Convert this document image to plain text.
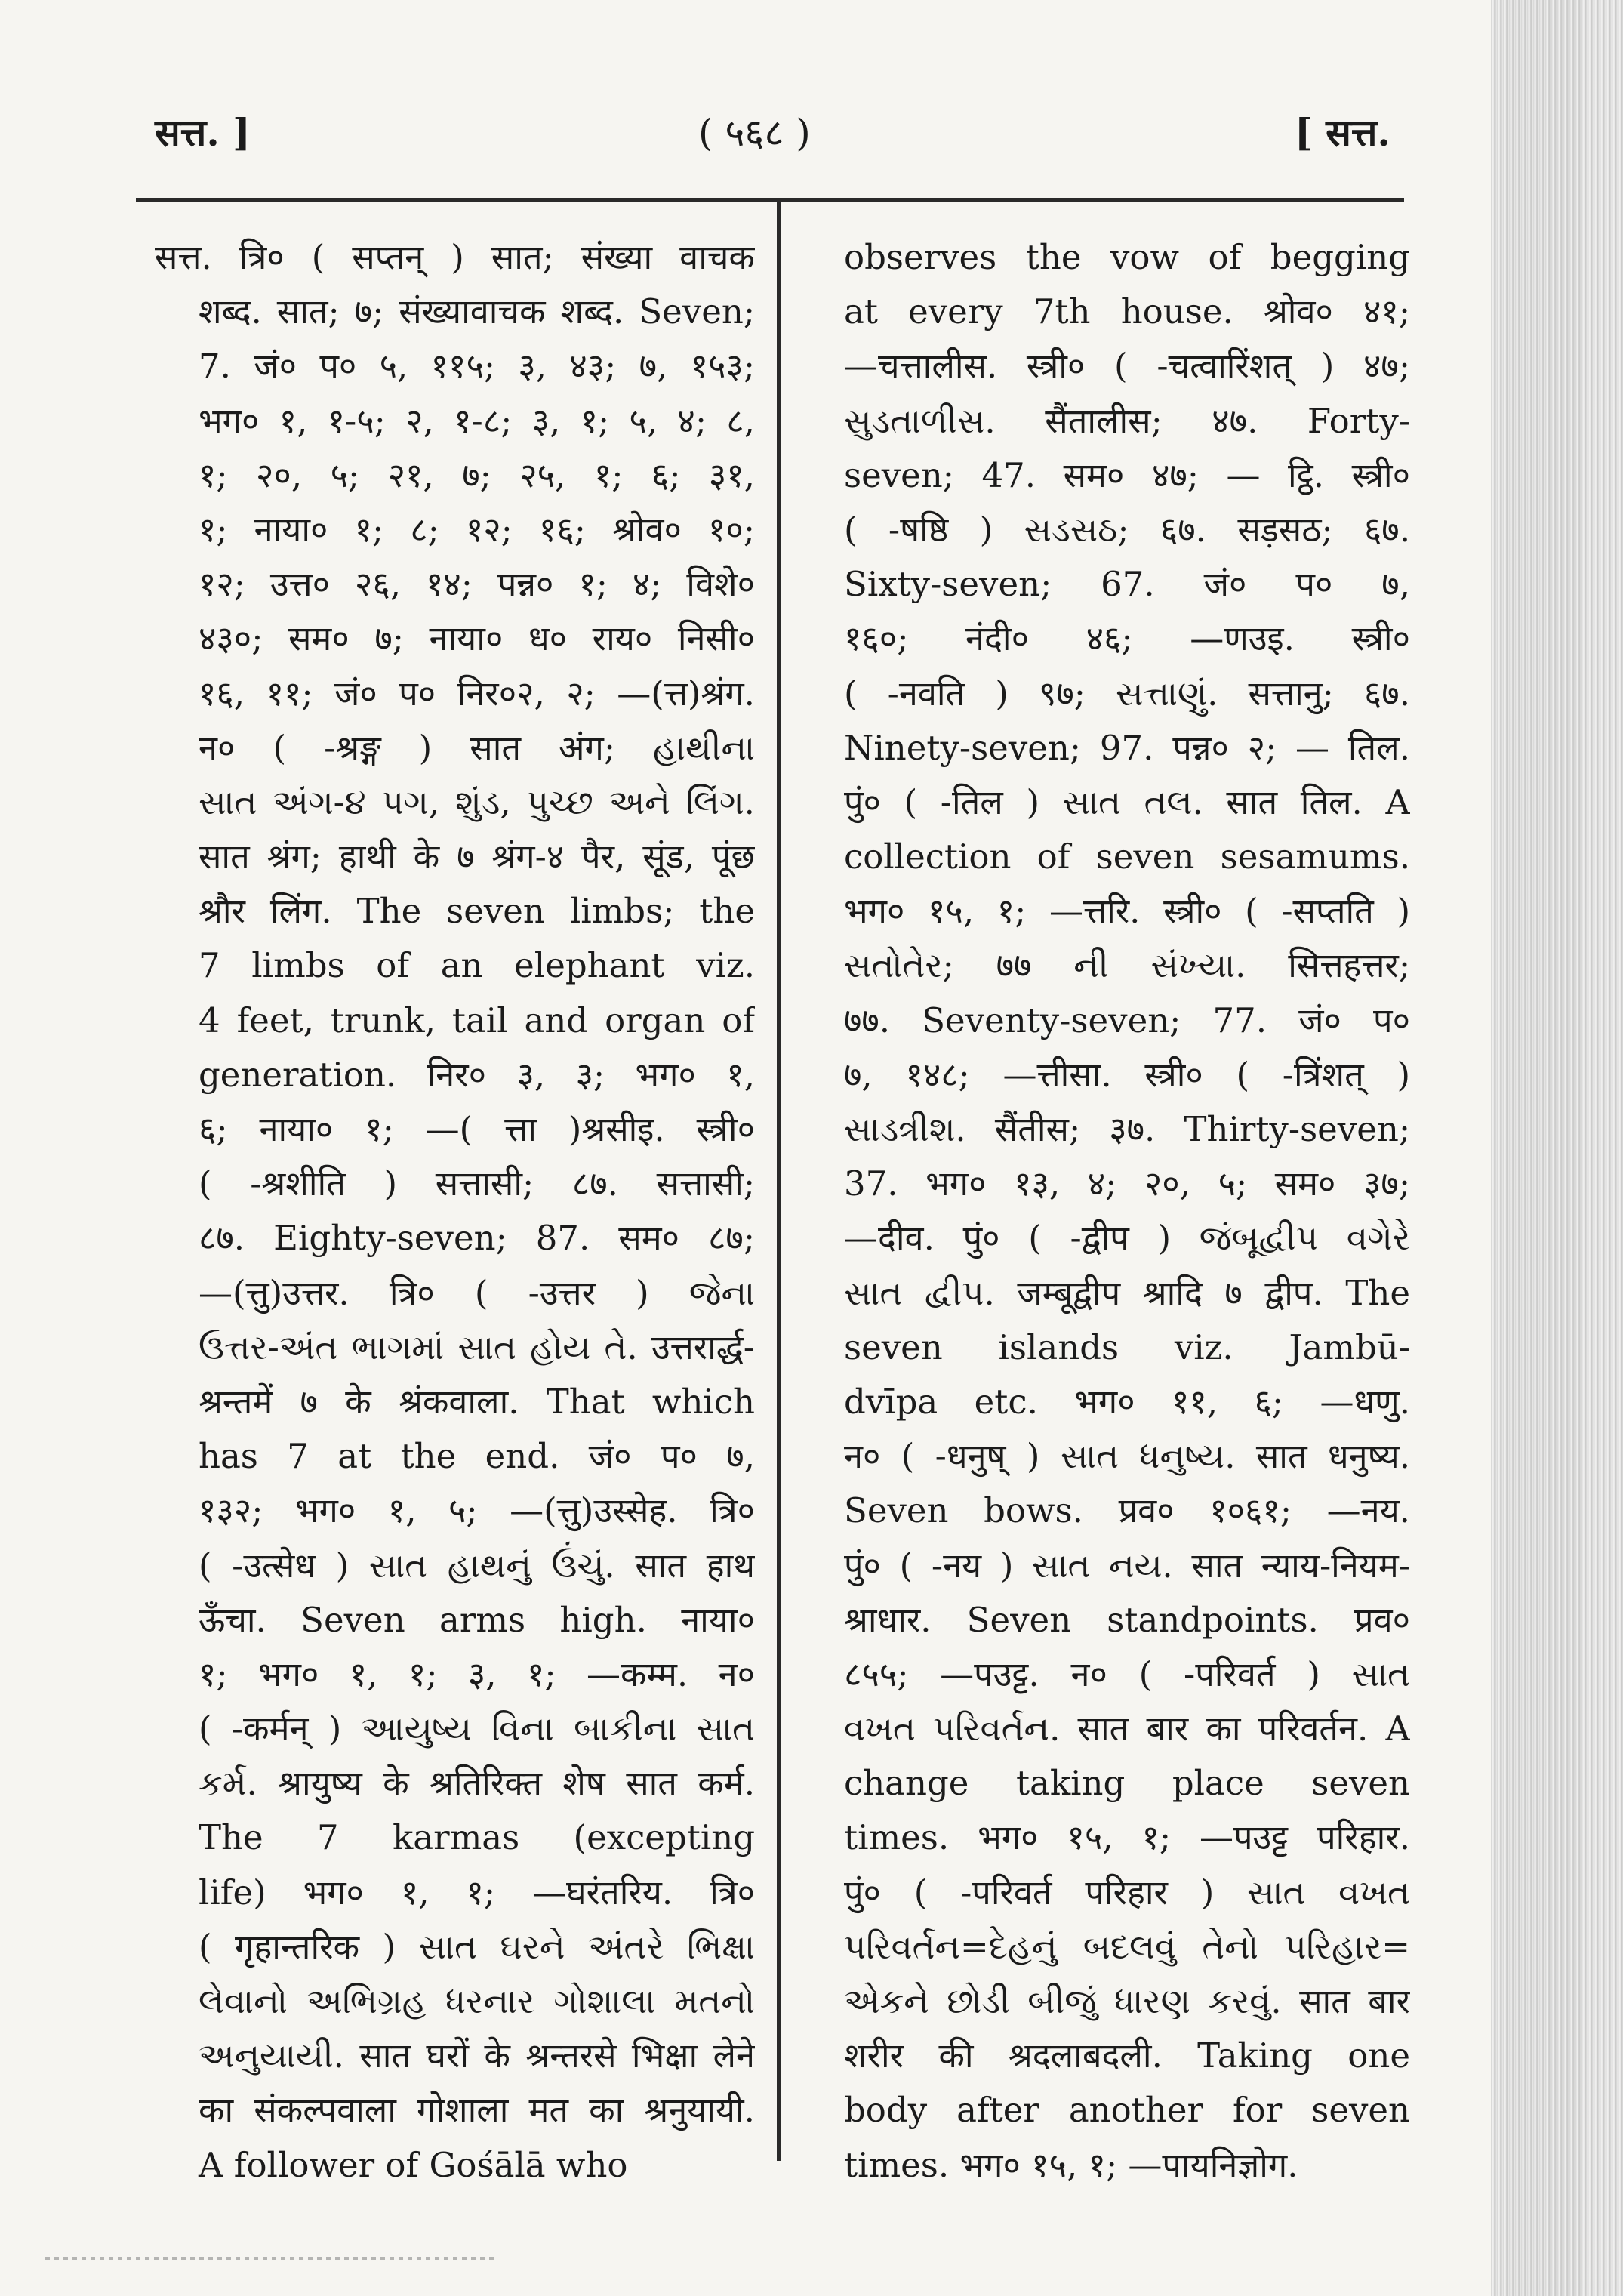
सत्त. ]	( ५६८ )	[ सत्त.
सत्त. त्रि० ( सप्तन् ) सात; संख्या वाचक
शब्द. सात; ७; संख्यावाचक शब्द. Seven;
7. जं० प० ५, ११५; ३, ४३; ७, १५३;
भग० १, १-५; २, १-८; ३, १; ५, ४; ८,
१; २०, ५; २१, ७; २५, १; ६; ३१,
१; नाया० १; ८; १२; १६; श्रोव० १०;
१२; उत्त० २६, १४; पन्न० १; ४; विशे०
४३०; सम० ७; नाया० ध० राय० निसी०
१६, ११; जं० प० निर०२, २; —(त्त)श्रंग.
न० ( -श्रङ्ग ) सात अंग; હાથીના
સાત અંગ-૪ પગ, શુંડ, પુચ્છ અને લિંગ.
सात श्रंग; हाथी के ७ श्रंग-४ पैर, सूंड, पूंछ
श्रौर लिंग. The seven limbs; the
7 limbs of an elephant viz.
4 feet, trunk, tail and organ of
generation. निर० ३, ३; भग० १,
६; नाया० १; —( त्ता )श्रसीइ. स्त्री०
( -श्रशीति ) सत्तासी; ८७. सत्तासी;
८७. Eighty-seven; 87. सम० ८७;
—(त्तु)उत्तर. त्रि० ( -उत्तर ) જેના
ઉત્તર-અંત ભાગમાં સાત હોય તે. उत्तरार्द्ध-
श्रन्तमें ७ के श्रंकवाला. That which
has 7 at the end. जं० प० ७,
१३२; भग० १, ५; —(त्तु)उस्सेह. त्रि०
( -उत्सेध ) સાત હાથનું ઉંચું. सात हाथ
ऊँचा. Seven arms high. नाया०
१; भग० १, १; ३, १; —कम्म. न०
( -कर्मन् ) આયુષ્ય વિના બાકીના સાત
કર્મ. श्रायुष्य के श्रतिरिक्त शेष सात कर्म.
The 7 karmas (excepting
life) भग० १, १; —घरंतरिय. त्रि०
( गृहान्तरिक ) સાત ઘરને અંતરે ભિક્ષા
લેવાનો અભિગ્રહ ધરનાર ગોશાલા મતનો
અનુયાયી. सात घरों के श्रन्तरसे भिक्षा लेने
का संकल्पवाला गोशाला मत का श्रनुयायी.
A follower of Gośālā who
observes the vow of begging
at every 7th house. श्रोव० ४१;
—चत्तालीस. स्त्री० ( -चत्वारिंशत् ) ४७;
સુડતાળીસ. सैंतालीस; ४७. Forty-
seven; 47. सम० ४७; — ट्ठि. स्त्री०
( -षष्ठि ) સડસઠ; ६७. सड़सठ; ६७.
Sixty-seven; 67. जं० प० ७,
१६०; नंदी० ४६; —णउइ. स्त्री०
( -नवति ) ९७; સત્તાણું. सत्तानु; ६७.
Ninety-seven; 97. पन्न० २; — तिल.
पुं० ( -तिल ) સાત તલ. सात तिल. A
collection of seven sesamums.
भग० १५, १; —त्तरि. स्त्री० ( -सप्तति )
સતોતેર; ७७ ની સંખ્યા. सित्तहत्तर;
७७. Seventy-seven; 77. जं० प०
७, १४८; —त्तीसा. स्त्री० ( -त्रिंशत् )
સાડત્રીશ. सैंतीस; ३७. Thirty-seven;
37. भग० १३, ४; २०, ५; सम० ३७;
—दीव. पुं० ( -द्वीप ) જંબૂદ્વીપ વગેરે
સાત દ્વીપ. जम्बूद्वीप श्रादि ७ द्वीप. The
seven islands viz. Jambū-
dvīpa etc. भग० ११, ६; —धणु.
न० ( -धनुष् ) સાત ધનુષ્ય. सात धनुष्य.
Seven bows. प्रव० १०६१; —नय.
पुं० ( -नय ) સાત નય. सात न्याय-नियम-
श्राधार. Seven standpoints. प्रव०
८५५; —पउट्ट. न० ( -परिवर्त ) સાત
વખત પરિવર્તન. सात बार का परिवर्तन. A
change taking place seven
times. भग० १५, १; —पउट्ट परिहार.
पुं० ( -परिवर्त परिहार ) સાત વખત
પરિવર્તન=દેહનું બદલવું તેનો પરિહાર=
એકને છોડી બીજું ધારણ કરવું. सात बार
शरीर की श्रदलाबदली. Taking one
body after another for seven
times. भग० १५, १; —पायनिज्ञोग.
